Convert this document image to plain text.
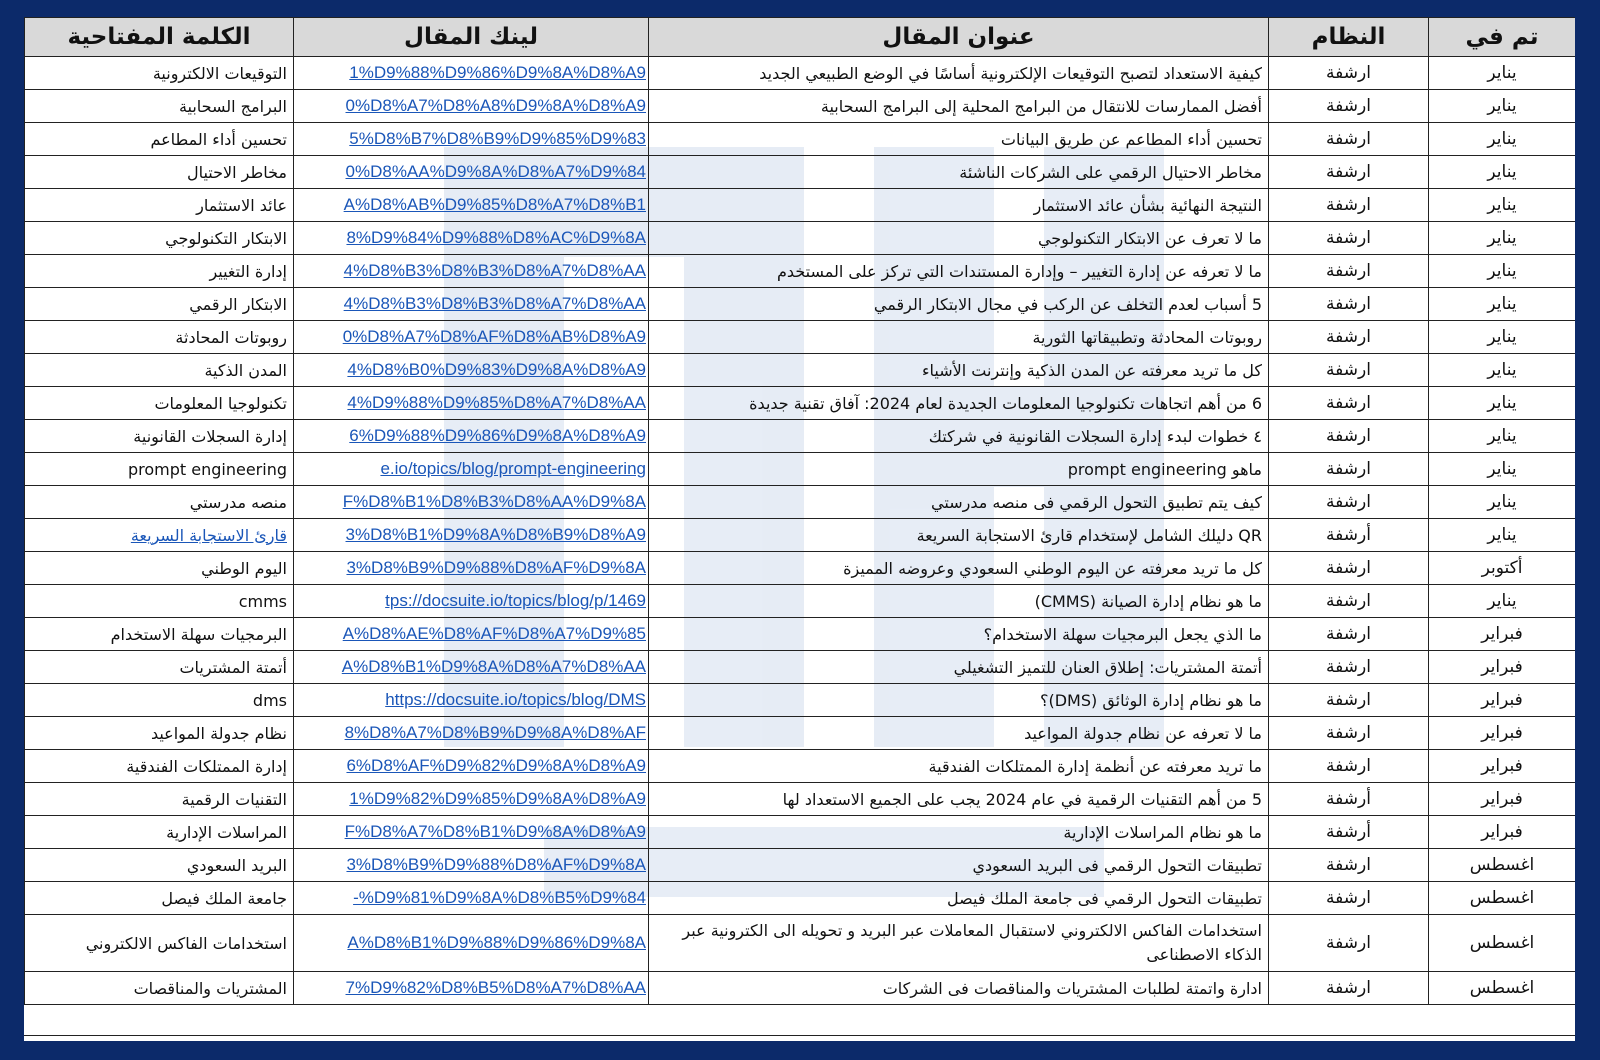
تم في	النظام	عنوان المقال	لينك المقال	الكلمة المفتاحية
يناير	ارشفة	كيفية الاستعداد لتصبح التوقيعات الإلكترونية أساسًا في الوضع الطبيعي الجديد	1%D9%88%D9%86%D9%8A%D8%A9	التوقيعات الالكترونية
يناير	ارشفة	أفضل الممارسات للانتقال من البرامج المحلية إلى البرامج السحابية	0%D8%A7%D8%A8%D9%8A%D8%A9	البرامج السحابية
يناير	ارشفة	تحسين أداء المطاعم عن طريق البيانات	5%D8%B7%D8%B9%D9%85%D9%83	تحسين أداء المطاعم
يناير	ارشفة	مخاطر الاحتيال الرقمي على الشركات الناشئة	0%D8%AA%D9%8A%D8%A7%D9%84	مخاطر الاحتيال
يناير	ارشفة	النتيجة النهائية بشأن عائد الاستثمار	A%D8%AB%D9%85%D8%A7%D8%B1	عائد الاستثمار
يناير	ارشفة	ما لا تعرف عن الابتكار التكنولوجي	8%D9%84%D9%88%D8%AC%D9%8A	الابتكار التكنولوجي
يناير	ارشفة	ما لا تعرفه عن إدارة التغيير – وإدارة المستندات التي تركز على المستخدم	4%D8%B3%D8%B3%D8%A7%D8%AA	إدارة التغيير
يناير	ارشفة	5 أسباب لعدم التخلف عن الركب في مجال الابتكار الرقمي	4%D8%B3%D8%B3%D8%A7%D8%AA	الابتكار الرقمي
يناير	ارشفة	روبوتات المحادثة وتطبيقاتها الثورية	0%D8%A7%D8%AF%D8%AB%D8%A9	روبوتات المحادثة
يناير	ارشفة	كل ما تريد معرفته عن المدن الذكية وإنترنت الأشياء	4%D8%B0%D9%83%D9%8A%D8%A9	المدن الذكية
يناير	ارشفة	6 من أهم اتجاهات تكنولوجيا المعلومات الجديدة لعام 2024: آفاق تقنية جديدة	4%D9%88%D9%85%D8%A7%D8%AA	تكنولوجيا المعلومات
يناير	ارشفة	٤ خطوات لبدء إدارة السجلات القانونية في شركتك	6%D9%88%D9%86%D9%8A%D8%A9	إدارة السجلات القانونية
يناير	ارشفة	ماهو prompt engineering	e.io/topics/blog/prompt-engineering	prompt engineering
يناير	ارشفة	كيف يتم تطبيق التحول الرقمي فى منصه مدرستي	F%D8%B1%D8%B3%D8%AA%D9%8A	منصه مدرستي
يناير	أرشفة	QR دليلك الشامل لإستخدام قارئ الاستجابة السريعة	3%D8%B1%D9%8A%D8%B9%D8%A9	قارئ الاستجابة السريعة
أكتوبر	ارشفة	كل ما تريد معرفته عن اليوم الوطني السعودي وعروضه المميزة	3%D8%B9%D9%88%D8%AF%D9%8A	اليوم الوطني
يناير	ارشفة	ما هو نظام إدارة الصيانة (CMMS)	tps://docsuite.io/topics/blog/p/1469	cmms
فبراير	ارشفة	ما الذي يجعل البرمجيات سهلة الاستخدام؟	A%D8%AE%D8%AF%D8%A7%D9%85	البرمجيات سهلة الاستخدام
فبراير	ارشفة	أتمتة المشتريات: إطلاق العنان للتميز التشغيلي	A%D8%B1%D9%8A%D8%A7%D8%AA	أتمتة المشتريات
فبراير	ارشفة	ما هو نظام إدارة الوثائق (DMS)؟	https://docsuite.io/topics/blog/DMS	dms
فبراير	ارشفة	ما لا تعرفه عن نظام جدولة المواعيد	8%D8%A7%D8%B9%D9%8A%D8%AF	نظام جدولة المواعيد
فبراير	ارشفة	ما تريد معرفته عن أنظمة إدارة الممتلكات الفندقية	6%D8%AF%D9%82%D9%8A%D8%A9	إدارة الممتلكات الفندقية
فبراير	أرشفة	5 من أهم التقنيات الرقمية في عام 2024 يجب على الجميع الاستعداد لها	1%D9%82%D9%85%D9%8A%D8%A9	التقنيات الرقمية
فبراير	أرشفة	ما هو نظام المراسلات الإدارية	F%D8%A7%D8%B1%D9%8A%D8%A9	المراسلات الإدارية
اغسطس	ارشفة	تطبيقات التحول الرقمي فى البريد السعودي	3%D8%B9%D9%88%D8%AF%D9%8A	البريد السعودي
اغسطس	ارشفة	تطبيقات التحول الرقمي فى جامعة الملك فيصل	-%D9%81%D9%8A%D8%B5%D9%84	جامعة الملك فيصل
اغسطس	ارشفة	استخدامات الفاكس الالكتروني لاستقبال المعاملات عبر البريد و تحويله الى الكترونية عبر الذكاء الاصطناعى	A%D8%B1%D9%88%D9%86%D9%8A	استخدامات الفاكس الالكتروني
اغسطس	ارشفة	ادارة واتمتة لطلبات المشتريات والمناقصات فى الشركات	7%D9%82%D8%B5%D8%A7%D8%AA	المشتريات والمناقصات
